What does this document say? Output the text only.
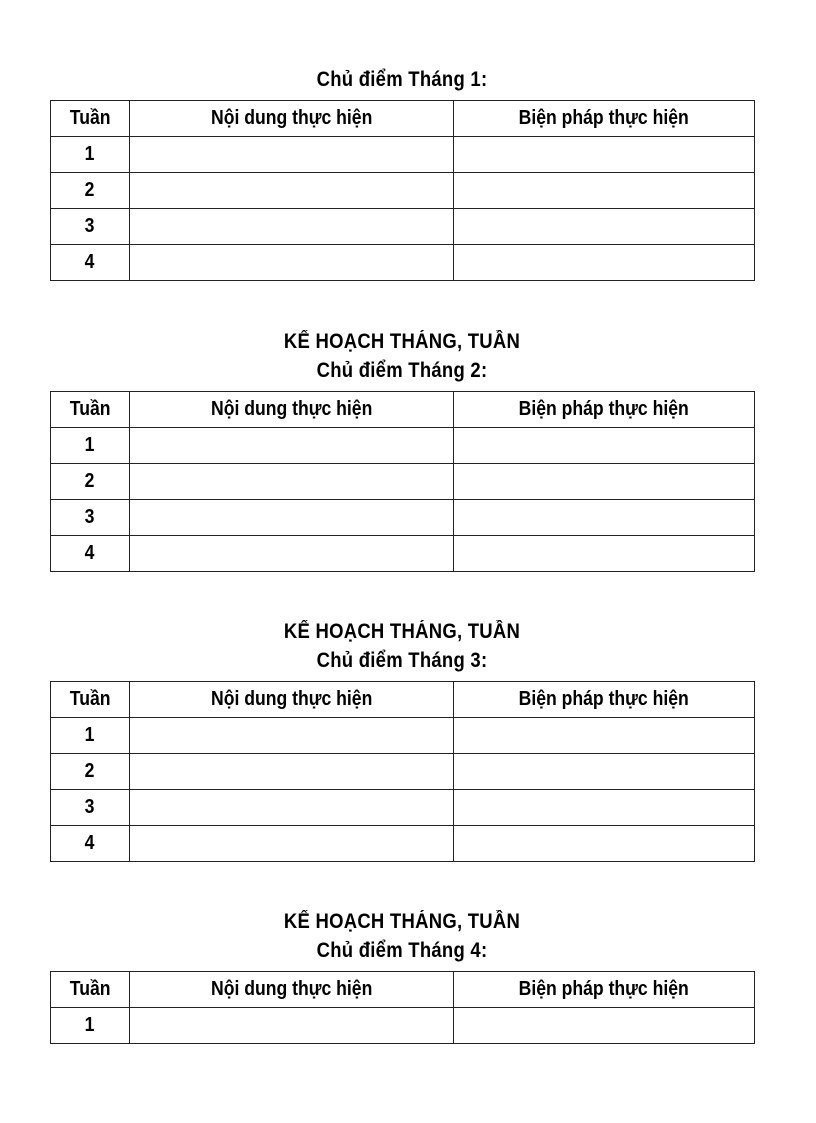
Chủ điểm Tháng 1:
Tuần	Nội dung thực hiện	Biện pháp thực hiện
1		
2		
3		
4		
KẾ HOẠCH THÁNG, TUẦN
Chủ điểm Tháng 2:
Tuần	Nội dung thực hiện	Biện pháp thực hiện
1		
2		
3		
4		
KẾ HOẠCH THÁNG, TUẦN
Chủ điểm Tháng 3:
Tuần	Nội dung thực hiện	Biện pháp thực hiện
1		
2		
3		
4		
KẾ HOẠCH THÁNG, TUẦN
Chủ điểm Tháng 4:
Tuần	Nội dung thực hiện	Biện pháp thực hiện
1		
